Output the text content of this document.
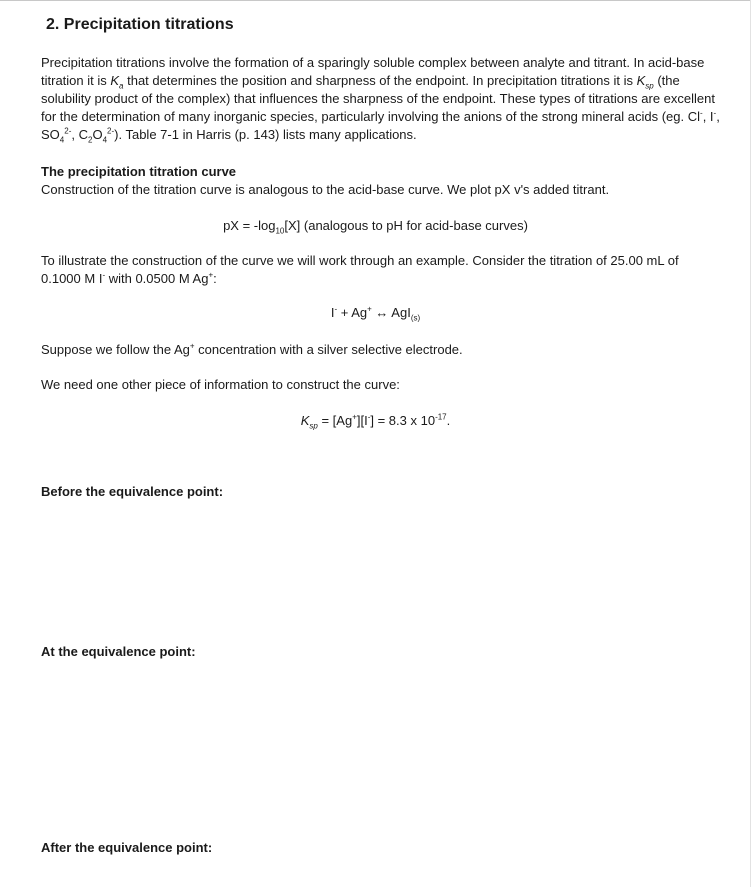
2. Precipitation titrations

Precipitation titrations involve the formation of a sparingly soluble complex between analyte and titrant. In acid-base titration it is $K_a$ that determines the position and sharpness of the endpoint. In precipitation titrations it is $K_{sp}$ (the solubility product of the complex) that influences the sharpness of the endpoint. These types of titrations are excellent for the determination of many inorganic species, particularly involving the anions of the strong mineral acids (eg. Cl-, I-, $SO_4^{2-}$, $C_2O_4^{2-}$). Table 7-1 in Harris (p. 143) lists many applications.

The precipitation titration curve
Construction of the titration curve is analogous to the acid-base curve. We plot pX v's added titrant.

pX = $-\log_{10}[X]$ (analogous to pH for acid-base curves)

To illustrate the construction of the curve we will work through an example. Consider the titration of 25.00 mL of 0.1000 M I- with 0.0500 M Ag+:

I- + Ag+ ↔ AgI$_{(s)}$

Suppose we follow the Ag+ concentration with a silver selective electrode.

We need one other piece of information to construct the curve:

$K_{sp} = [Ag^+][I^-] = 8.3$ x $10^{-17}$.

Before the equivalence point:

At the equivalence point:

After the equivalence point:
